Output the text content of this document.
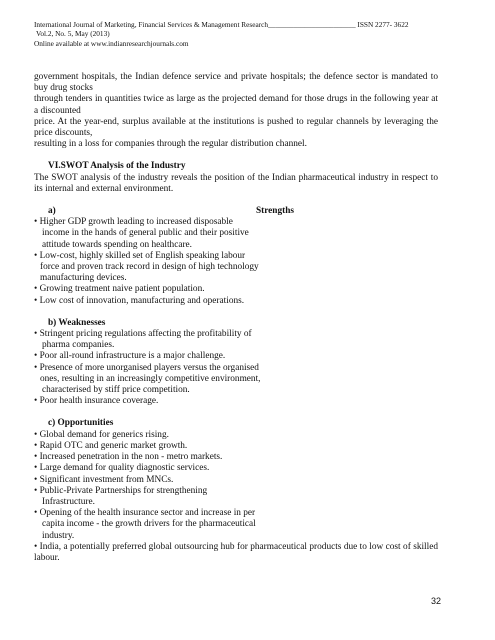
International Journal of Marketing, Financial Services & Management Research________________________ ISSN 2277- 3622
Vol.2, No. 5, May (2013)
Online available at www.indianresearchjournals.com

government hospitals, the Indian defence service and private hospitals; the defence sector is mandated to buy drug stocks

through tenders in quantities twice as large as the projected demand for those drugs in the following year at a discounted

price. At the year-end, surplus available at the institutions is pushed to regular channels by leveraging the price discounts,

resulting in a loss for companies through the regular distribution channel.

VI.SWOT Analysis of the Industry

The SWOT analysis of the industry reveals the position of the Indian pharmaceutical industry in respect to its internal and external environment.

a)	Strengths

• Higher GDP growth leading to increased disposable

income in the hands of general public and their positive

attitude towards spending on healthcare.

• Low-cost, highly skilled set of English speaking labour

force and proven track record in design of high technology

manufacturing devices.

• Growing treatment naive patient population.

• Low cost of innovation, manufacturing and operations.

b) Weaknesses

• Stringent pricing regulations affecting the profitability of

pharma companies.

• Poor all-round infrastructure is a major challenge.

• Presence of more unorganised players versus the organised

ones, resulting in an increasingly competitive environment,

characterised by stiff price competition.

• Poor health insurance coverage.

c) Opportunities

• Global demand for generics rising.

• Rapid OTC and generic market growth.

• Increased penetration in the non - metro markets.

• Large demand for quality diagnostic services.

• Significant investment from MNCs.

• Public-Private Partnerships for strengthening

Infrastructure.

• Opening of the health insurance sector and increase in per

capita income - the growth drivers for the pharmaceutical

industry.

• India, a potentially preferred global outsourcing hub for pharmaceutical products due to low cost of skilled labour.

32
